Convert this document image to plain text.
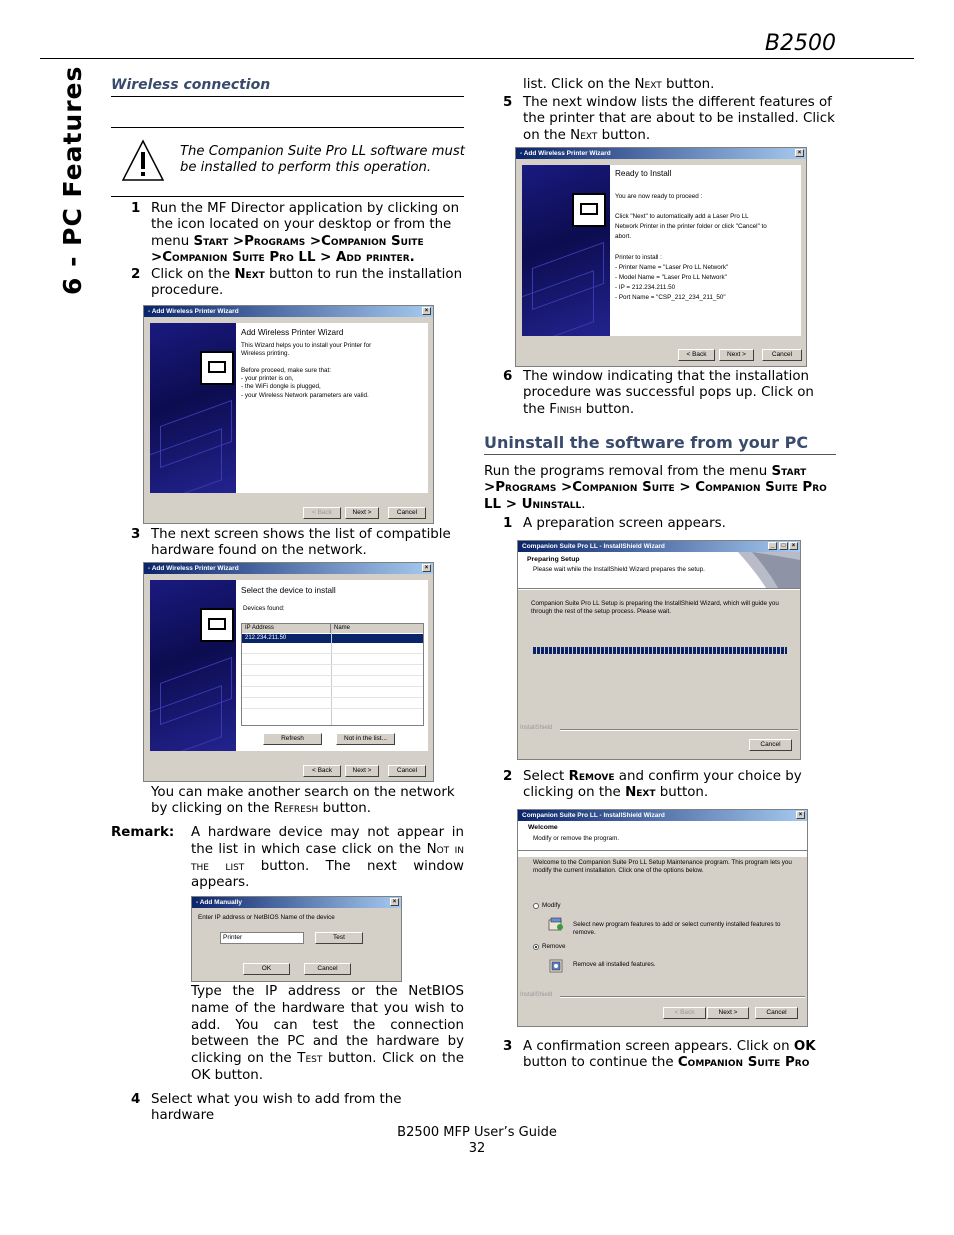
B2500
6 - PC Features Wireless connection
The Companion Suite Pro LL software must be installed to perform this operation.
1 Run the MF Director application by clicking on the icon located on your desktop or from the menu Start >Programs >Companion Suite >Companion Suite Pro LL > Add printer.
2 Click on the Next button to run the installation procedure.
- Add Wireless Printer Wizard	×
Add Wireless Printer Wizard
This Wizard helps you to install your Printer for
Wireless printing.

Before proceed, make sure that:
- your printer is on,
- the WiFi dongle is plugged,
- your Wireless Network parameters are valid.
< Back	Next >	Cancel
3 The next screen shows the list of compatible hardware found on the network.
- Add Wireless Printer Wizard	×
Select the device to install
Devices found:
IP Address	Name
212.234.211.50
Refresh	Not in the list...
< Back	Next >	Cancel
You can make another search on the network by clicking on the Refresh button.
Remark: A hardware device may not appear in the list in which case click on the Not in the list button. The next window appears.
- Add Manually	×
Enter IP address or NetBIOS Name of the device
Printer	Test
OK	Cancel
Type the IP address or the NetBIOS name of the hardware that you wish to add. You can test the connection between the PC and the hardware by clicking on the Test button. Click on the OK button.
4 Select what you wish to add from the hardware
list. Click on the Next button.
5 The next window lists the different features of the printer that are about to be installed. Click on the Next button.
- Add Wireless Printer Wizard	×
Ready to Install
You are now ready to proceed :

Click "Next" to automatically add a Laser Pro LL
Network Printer in the printer folder or click "Cancel" to
abort.

Printer to install :
- Printer Name = "Laser Pro LL Network"
- Model Name = "Laser Pro LL Network"
- IP = 212.234.211.50
- Port Name = "CSP_212_234_211_50"
< Back	Next >	Cancel
6 The window indicating that the installation procedure was successful pops up. Click on the Finish button.
Uninstall the software from your PC
Run the programs removal from the menu Start >Programs >Companion Suite > Companion Suite Pro LL > Uninstall.
1 A preparation screen appears.
Companion Suite Pro LL - InstallShield Wizard	_	□	×
Preparing Setup
Please wait while the InstallShield Wizard prepares the setup.
Companion Suite Pro LL Setup is preparing the InstallShield Wizard, which will guide you
through the rest of the setup process. Please wait.
InstallShield
Cancel
2 Select Remove and confirm your choice by clicking on the Next button.
Companion Suite Pro LL - InstallShield Wizard	×
Welcome
Modify or remove the program.
Welcome to the Companion Suite Pro LL Setup Maintenance program. This program lets you
modify the current installation. Click one of the options below.
Modify
Select new program features to add or select currently installed features to
remove.
Remove
Remove all installed features.
InstallShield
< Back	Next >	Cancel
3 A confirmation screen appears. Click on OK button to continue the Companion Suite Pro
B2500 MFP User’s Guide
32
